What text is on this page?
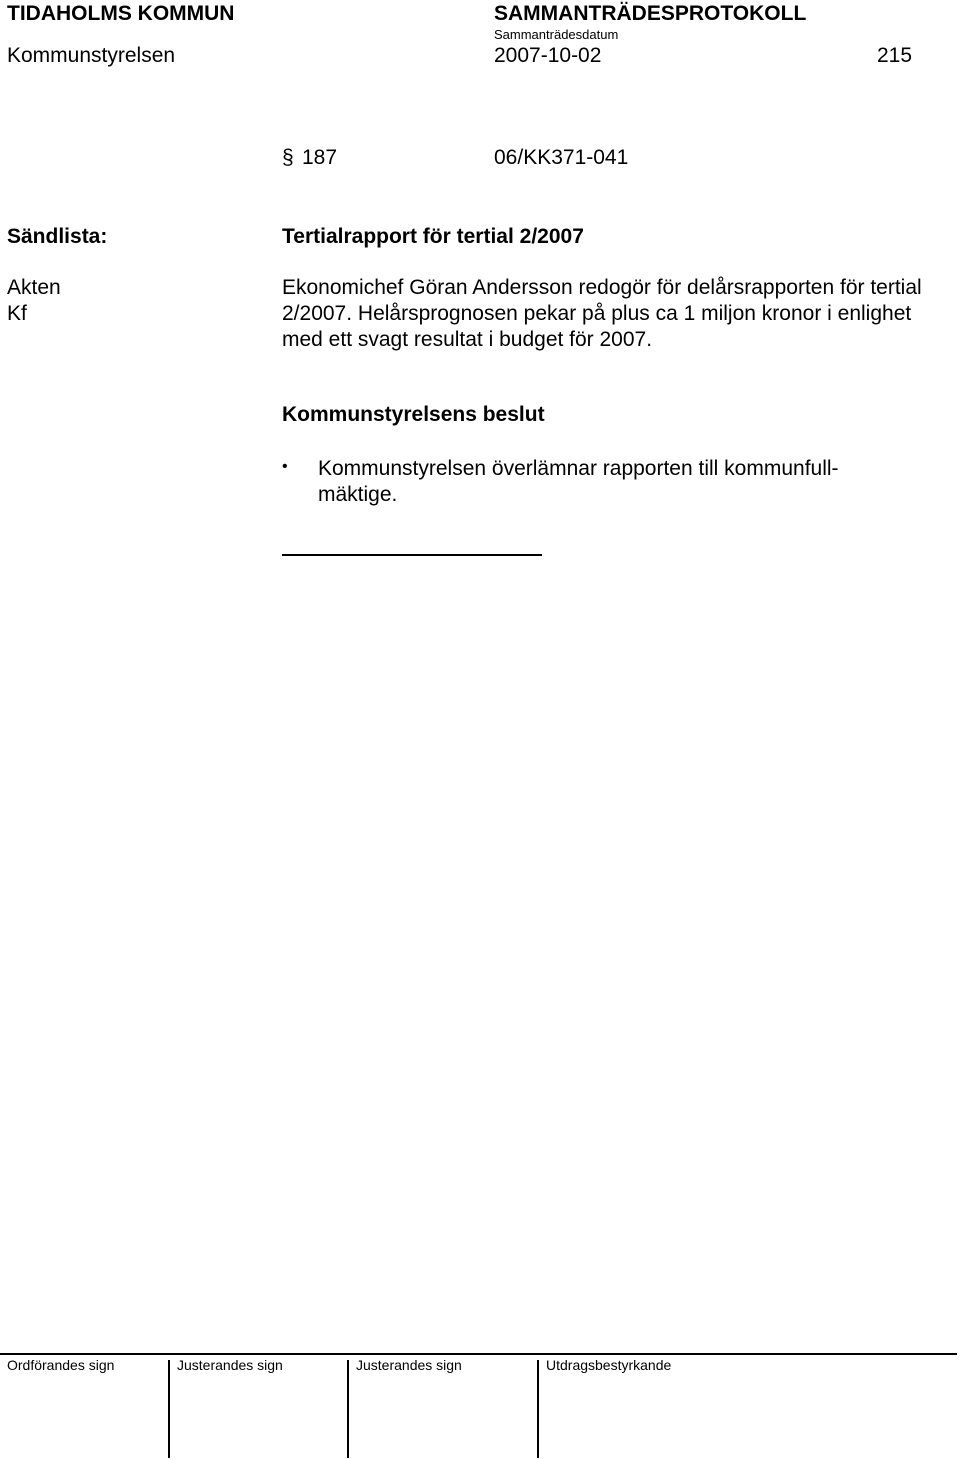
TIDAHOLMS KOMMUN	SAMMANTRÄDESPROTOKOLL
Sammanträdesdatum
Kommunstyrelsen	2007-10-02	215
§ 187	06/KK371-041
Sändlista:	Tertialrapport för tertial 2/2007
Akten
Kf
Ekonomichef Göran Andersson redogör för delårsrapporten för tertial 2/2007. Helårsprognosen pekar på plus ca 1 miljon kronor i enlighet med ett svagt resultat i budget för 2007.
Kommunstyrelsens beslut
• Kommunstyrelsen överlämnar rapporten till kommunfull-mäktige.
Ordförandes sign	Justerandes sign	Justerandes sign	Utdragsbestyrkande
